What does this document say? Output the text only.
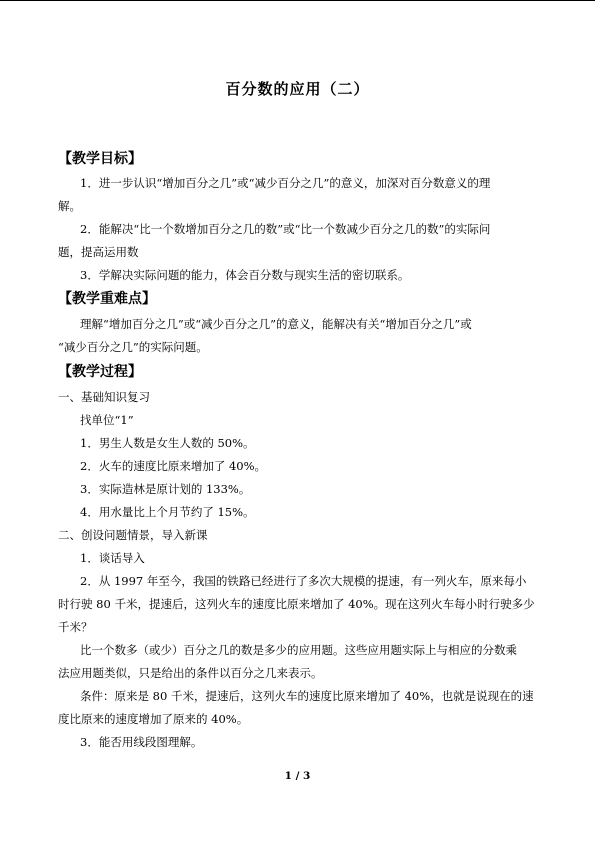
百分数的应用（二）
【教学目标】
1．进一步认识“增加百分之几”或“减少百分之几”的意义，加深对百分数意义的理
解。
2．能解决“比一个数增加百分之几的数”或“比一个数减少百分之几的数”的实际问
题，提高运用数
3．学解决实际问题的能力，体会百分数与现实生活的密切联系。
【教学重难点】
理解“增加百分之几”或“减少百分之几”的意义，能解决有关“增加百分之几”或
“减少百分之几”的实际问题。
【教学过程】
一、基础知识复习
找单位“1”
1．男生人数是女生人数的 50%。
2．火车的速度比原来增加了 40%。
3．实际造林是原计划的 133%。
4．用水量比上个月节约了 15%。
二、创设问题情景，导入新课
1．谈话导入
2．从 1997 年至今，我国的铁路已经进行了多次大规模的提速，有一列火车，原来每小
时行驶 80 千米，提速后，这列火车的速度比原来增加了 40%。现在这列火车每小时行驶多少
千米？
比一个数多（或少）百分之几的数是多少的应用题。这些应用题实际上与相应的分数乘
法应用题类似，只是给出的条件以百分之几来表示。
条件：原来是 80 千米，提速后，这列火车的速度比原来增加了 40%，也就是说现在的速
度比原来的速度增加了原来的 40%。
3．能否用线段图理解。
1 / 3
